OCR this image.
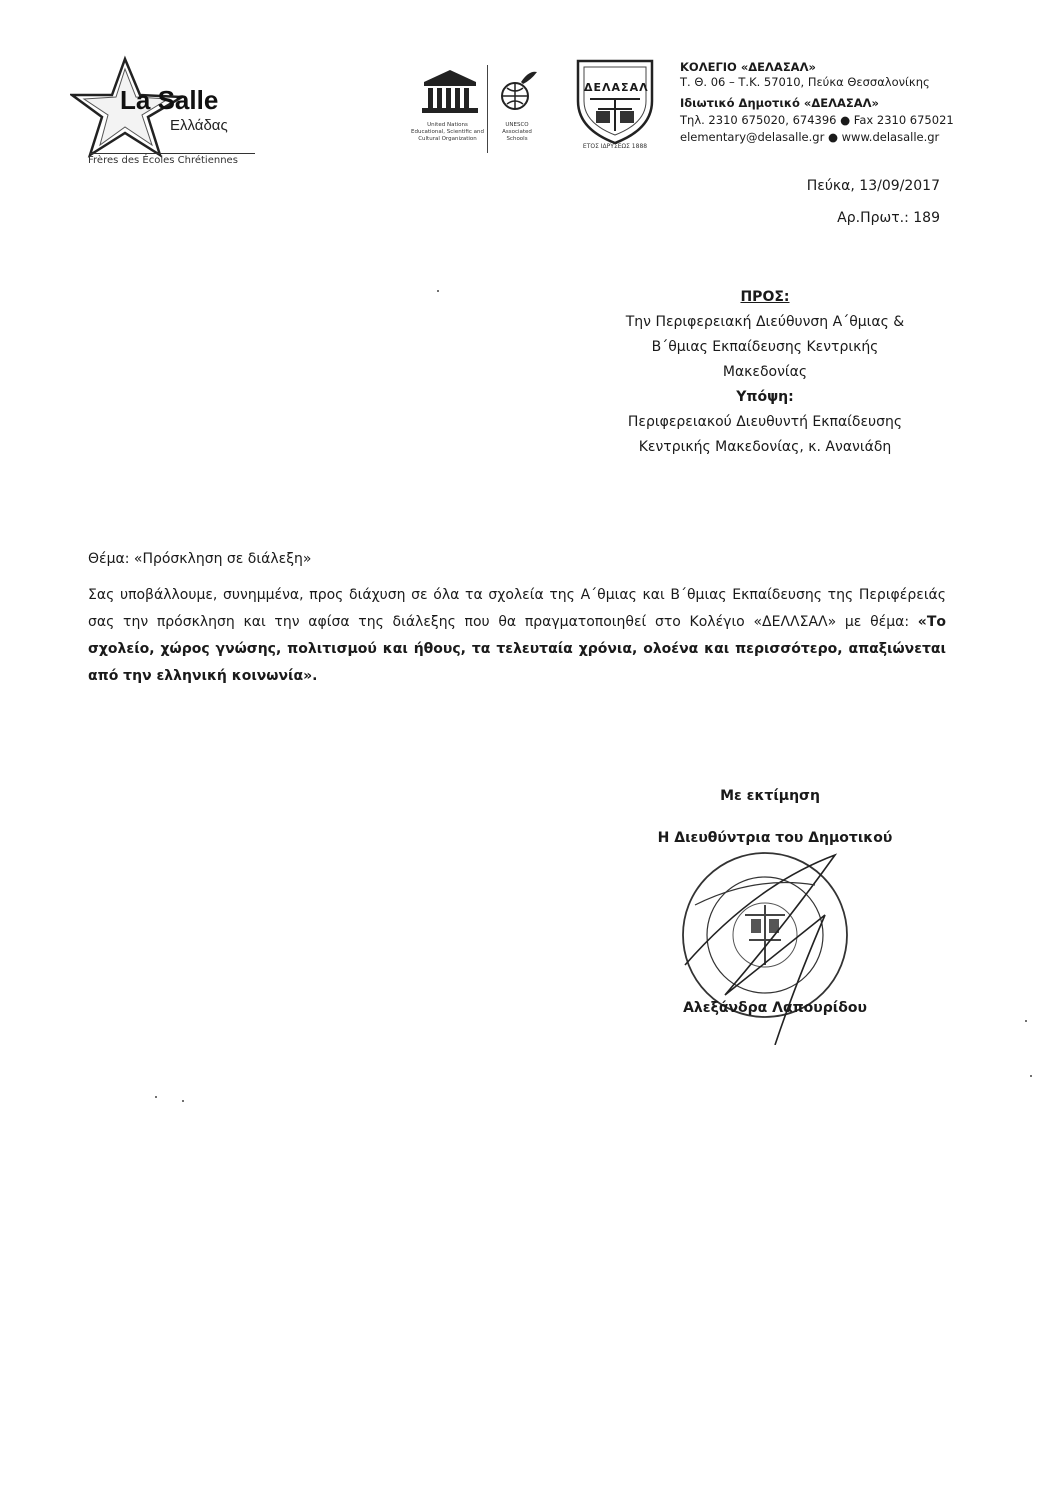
La Salle
Ελλάδας
Frères des Écoles Chrétiennes
United Nations
Educational, Scientific and
Cultural Organization
UNESCO
Associated
Schools
ΔΕΛΑΣΑΛ
ΕΤΟΣ ΙΔΡΥΣΕΩΣ 1888
ΚΟΛΕΓΙΟ «ΔΕΛΑΣΑΛ»
Τ. Θ. 06 – Τ.Κ. 57010, Πεύκα Θεσσαλονίκης
Ιδιωτικό Δημοτικό «ΔΕΛΑΣΑΛ»
Τηλ. 2310 675020, 674396 ● Fax 2310 675021
elementary@delasalle.gr ● www.delasalle.gr
Πεύκα, 13/09/2017
Αρ.Πρωτ.: 189
ΠΡΟΣ:
Την Περιφερειακή Διεύθυνση Α΄θμιας &
Β΄θμιας Εκπαίδευσης Κεντρικής
Μακεδονίας
Υπόψη:
Περιφερειακού Διευθυντή Εκπαίδευσης
Κεντρικής Μακεδονίας, κ. Ανανιάδη
Θέμα: «Πρόσκληση σε διάλεξη»
Σας υποβάλλουμε, συνημμένα, προς διάχυση σε όλα τα σχολεία της Α΄θμιας και Β΄θμιας Εκπαίδευσης της Περιφέρειάς σας την πρόσκληση και την αφίσα της διάλεξης που θα πραγματοποιηθεί στο Κολέγιο «ΔΕΛΛΣΑΛ» με θέμα: «Το σχολείο, χώρος γνώσης, πολιτισμού και ήθους, τα τελευταία χρόνια, ολοένα και περισσότερο, απαξιώνεται από την ελληνική κοινωνία».
Με εκτίμηση
Η Διευθύντρια του Δημοτικού
Αλεξάνδρα Λαπουρίδου
